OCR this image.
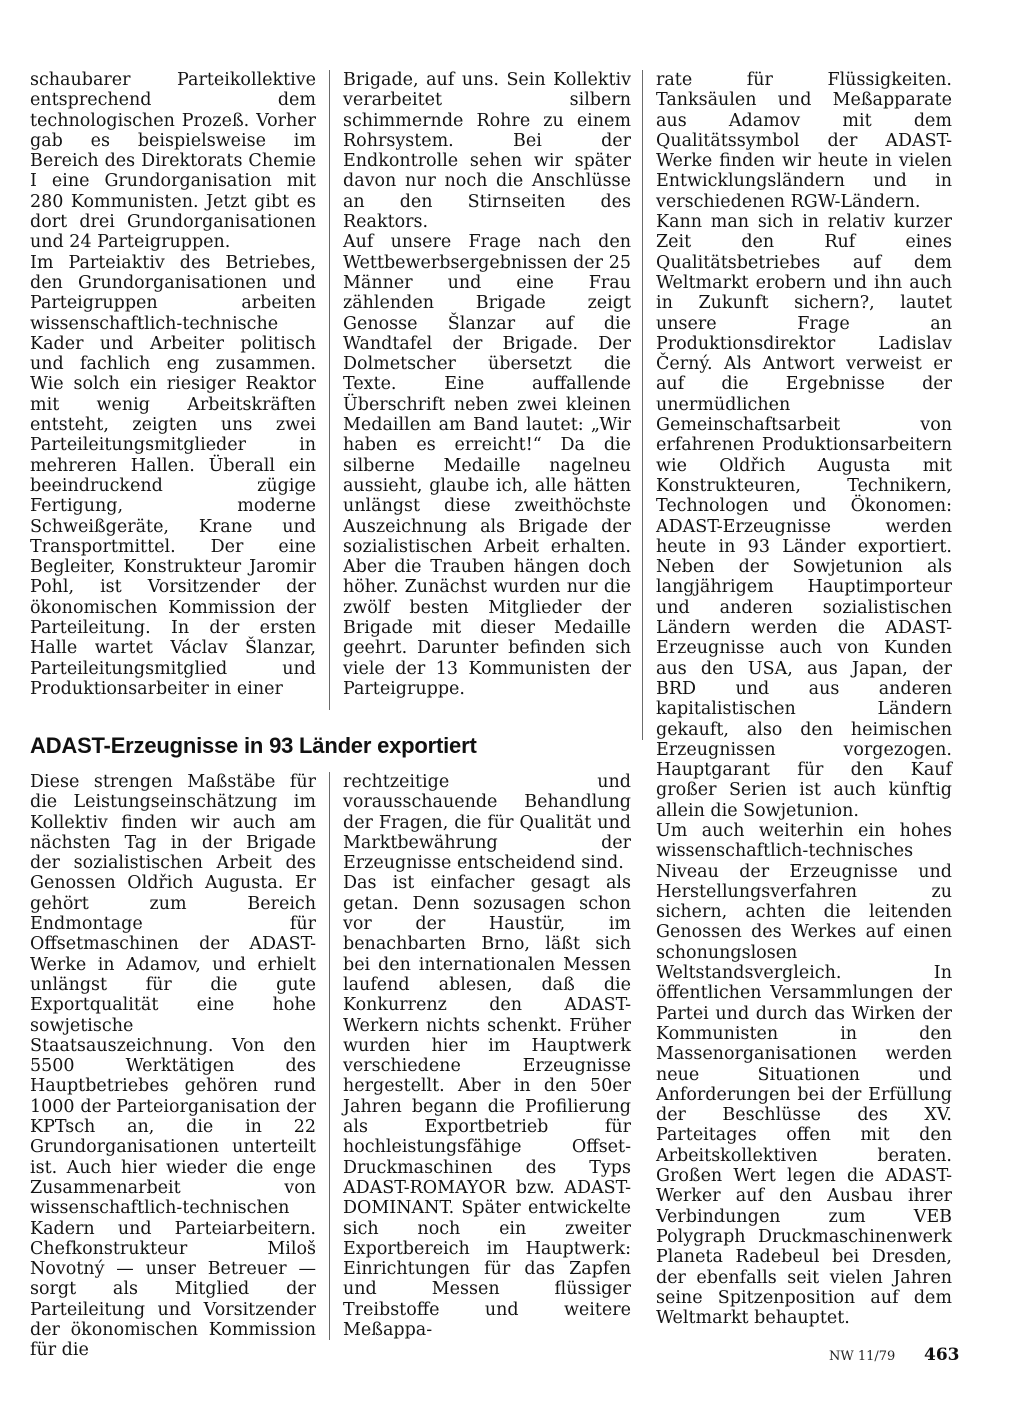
schaubarer Parteikollektive entsprechend dem technologischen Prozeß. Vorher gab es beispielsweise im Bereich des Direktorats Chemie I eine Grundorganisation mit 280 Kommunisten. Jetzt gibt es dort drei Grundorganisationen und 24 Parteigruppen.

Im Parteiaktiv des Betriebes, den Grundorganisationen und Parteigruppen arbeiten wissenschaftlich-technische Kader und Arbeiter politisch und fachlich eng zusammen. Wie solch ein riesiger Reaktor mit wenig Arbeitskräften entsteht, zeigten uns zwei Parteileitungsmitglieder in mehreren Hallen. Überall ein beeindruckend zügige Fertigung, moderne Schweißgeräte, Krane und Transportmittel. Der eine Begleiter, Konstrukteur Jaromir Pohl, ist Vorsitzender der ökonomischen Kommission der Parteileitung. In der ersten Halle wartet Václav Šlanzar, Parteileitungsmitglied und Produktionsarbeiter in einer

Brigade, auf uns. Sein Kollektiv verarbeitet silbern schimmernde Rohre zu einem Rohrsystem. Bei der Endkontrolle sehen wir später davon nur noch die Anschlüsse an den Stirnseiten des Reaktors.

Auf unsere Frage nach den Wettbewerbsergebnissen der 25 Männer und eine Frau zählenden Brigade zeigt Genosse Šlanzar auf die Wandtafel der Brigade. Der Dolmetscher übersetzt die Texte. Eine auffallende Überschrift neben zwei kleinen Medaillen am Band lautet: „Wir haben es erreicht!“ Da die silberne Medaille nagelneu aussieht, glaube ich, alle hätten unlängst diese zweithöchste Auszeichnung als Brigade der sozialistischen Arbeit erhalten. Aber die Trauben hängen doch höher. Zunächst wurden nur die zwölf besten Mitglieder der Brigade mit dieser Medaille geehrt. Darunter befinden sich viele der 13 Kommunisten der Parteigruppe.

rate für Flüssigkeiten. Tanksäulen und Meßapparate aus Adamov mit dem Qualitätssymbol der ADAST-Werke finden wir heute in vielen Entwicklungsländern und in verschiedenen RGW-Ländern.

Kann man sich in relativ kurzer Zeit den Ruf eines Qualitätsbetriebes auf dem Weltmarkt erobern und ihn auch in Zukunft sichern?, lautet unsere Frage an Produktionsdirektor Ladislav Černý. Als Antwort verweist er auf die Ergebnisse der unermüdlichen Gemeinschaftsarbeit von erfahrenen Produktionsarbeitern wie Oldřich Augusta mit Konstrukteuren, Technikern, Technologen und Ökonomen: ADAST-Erzeugnisse werden heute in 93 Länder exportiert. Neben der Sowjetunion als langjährigem Hauptimporteur und anderen sozialistischen Ländern werden die ADAST-Erzeugnisse auch von Kunden aus den USA, aus Japan, der BRD und aus anderen kapitalistischen Ländern gekauft, also den heimischen Erzeugnissen vorgezogen. Hauptgarant für den Kauf großer Serien ist auch künftig allein die Sowjetunion.

Um auch weiterhin ein hohes wissenschaftlich-technisches Niveau der Erzeugnisse und Herstellungsverfahren zu sichern, achten die leitenden Genossen des Werkes auf einen schonungslosen Weltstandsvergleich. In öffentlichen Versammlungen der Partei und durch das Wirken der Kommunisten in den Massenorganisationen werden neue Situationen und Anforderungen bei der Erfüllung der Beschlüsse des XV. Parteitages offen mit den Arbeitskollektiven beraten. Großen Wert legen die ADAST-Werker auf den Ausbau ihrer Verbindungen zum VEB Polygraph Druckmaschinenwerk Planeta Radebeul bei Dresden, der ebenfalls seit vielen Jahren seine Spitzenposition auf dem Weltmarkt behauptet.

ADAST-Erzeugnisse in 93 Länder exportiert

Diese strengen Maßstäbe für die Leistungseinschätzung im Kollektiv finden wir auch am nächsten Tag in der Brigade der sozialistischen Arbeit des Genossen Oldřich Augusta. Er gehört zum Bereich Endmontage für Offsetmaschinen der ADAST-Werke in Adamov, und erhielt unlängst für die gute Exportqualität eine hohe sowjetische Staatsauszeichnung. Von den 5500 Werktätigen des Hauptbetriebes gehören rund 1000 der Parteiorganisation der KPTsch an, die in 22 Grundorganisationen unterteilt ist. Auch hier wieder die enge Zusammenarbeit von wissenschaftlich-technischen Kadern und Parteiarbeitern. Chefkonstrukteur Miloš Novotný — unser Betreuer — sorgt als Mitglied der Parteileitung und Vorsitzender der ökonomischen Kommission für die

rechtzeitige und vorausschauende Behandlung der Fragen, die für Qualität und Marktbewährung der Erzeugnisse entscheidend sind.

Das ist einfacher gesagt als getan. Denn sozusagen schon vor der Haustür, im benachbarten Brno, läßt sich bei den internationalen Messen laufend ablesen, daß die Konkurrenz den ADAST-Werkern nichts schenkt. Früher wurden hier im Hauptwerk verschiedene Erzeugnisse hergestellt. Aber in den 50er Jahren begann die Profilierung als Exportbetrieb für hochleistungsfähige Offset-Druckmaschinen des Typs ADAST-ROMAYOR bzw. ADAST-DOMINANT. Später entwickelte sich noch ein zweiter Exportbereich im Hauptwerk: Einrichtungen für das Zapfen und Messen flüssiger Treibstoffe und weitere Meßappa-

NW 11/79 463
